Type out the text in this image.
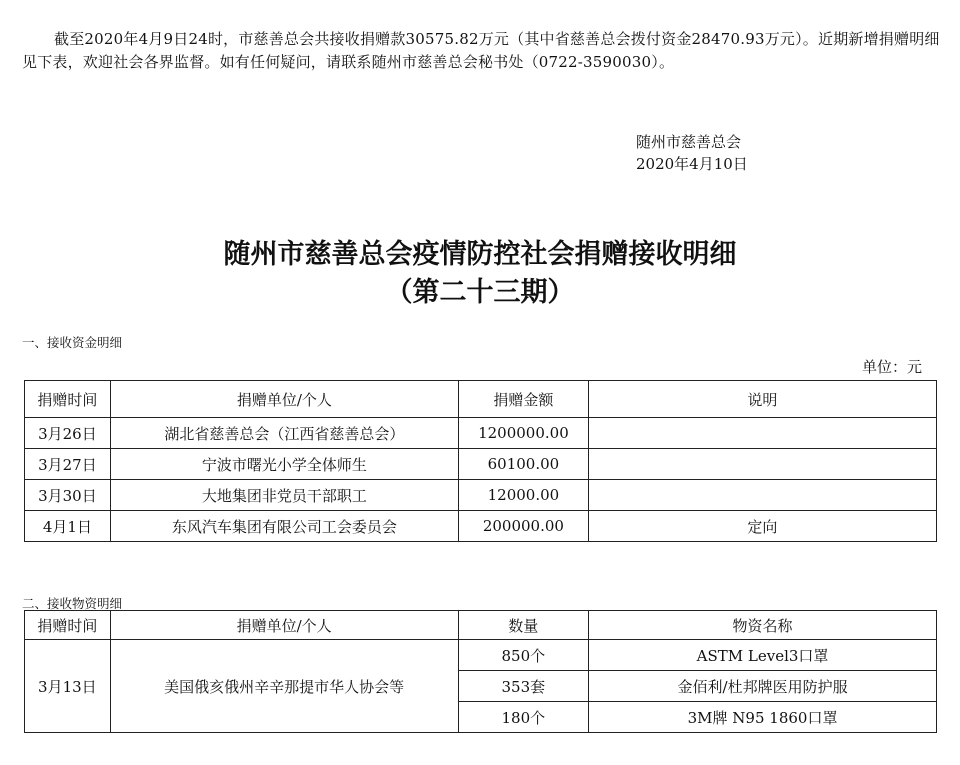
截至2020年4月9日24时，市慈善总会共接收捐赠款30575.82万元（其中省慈善总会拨付资金28470.93万元）。近期新增捐赠明细见下表，欢迎社会各界监督。如有任何疑问，请联系随州市慈善总会秘书处（0722-3590030）。

随州市慈善总会
2020年4月10日
随州市慈善总会疫情防控社会捐赠接收明细
（第二十三期）
一、接收资金明细
单位：元
捐赠时间	捐赠单位/个人	捐赠金额	说明
3月26日	湖北省慈善总会（江西省慈善总会）	1200000.00	
3月27日	宁波市曙光小学全体师生	60100.00	
3月30日	大地集团非党员干部职工	12000.00	
4月1日	东风汽车集团有限公司工会委员会	200000.00	定向
二、接收物资明细
捐赠时间	捐赠单位/个人	数量	物资名称
3月13日	美国俄亥俄州辛辛那提市华人协会等	850个	ASTM Level3口罩
		353套	金佰利/杜邦牌医用防护服
		180个	3M牌 N95 1860口罩
